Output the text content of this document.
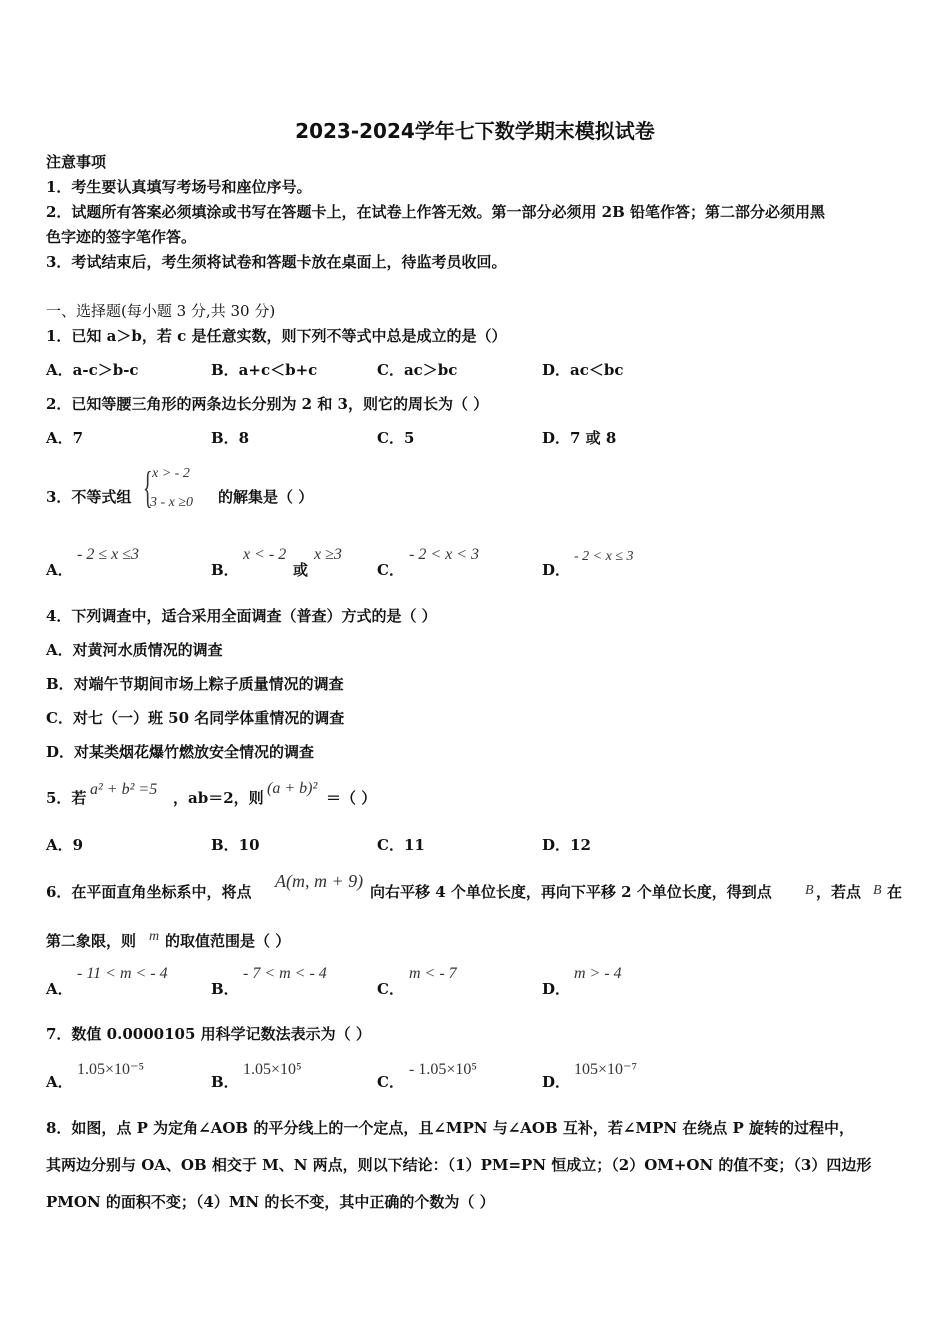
2023-2024学年七下数学期末模拟试卷
注意事项
1．考生要认真填写考场号和座位序号。
2．试题所有答案必须填涂或书写在答题卡上，在试卷上作答无效。第一部分必须用 2B 铅笔作答；第二部分必须用黑
色字迹的签字笔作答。
3．考试结束后，考生须将试卷和答题卡放在桌面上，待监考员收回。
一、选择题(每小题 3 分,共 30 分)
1．已知 a＞b，若 c 是任意实数，则下列不等式中总是成立的是（）
A．a-c＞b-c	B．a+c＜b+c	C．ac＞bc	D．ac＜bc
2．已知等腰三角形的两条边长分别为 2 和 3，则它的周长为（ ）
A．7	B．8	C．5	D．7 或 8
3．不等式组 { x > - 2
3 - x ≥0 的解集是（ ）
A．
- 2 ≤ x ≤3
B．
x < - 2
或
x ≥3
C．
- 2 < x < 3
D．
- 2 < x ≤ 3
4．下列调查中，适合采用全面调查（普查）方式的是（ ）
A．对黄河水质情况的调查
B．对端午节期间市场上粽子质量情况的调查
C．对七（一）班 50 名同学体重情况的调查
D．对某类烟花爆竹燃放安全情况的调查
5．若 a² + b² =5 ，ab＝2，则
(a + b)²
＝（ ）
A．9	B．10	C．11	D．12
6．在平面直角坐标系中，将点
A(m, m + 9)
向右平移 4 个单位长度，再向下平移 2 个单位长度，得到点 B ，若点 B 在
第二象限，则 m 的取值范围是（ ）
A．
- 11 < m < - 4
B．
- 7 < m < - 4
C．
m < - 7
D．
m > - 4
7．数值 0.0000105 用科学记数法表示为（ ）
A．
1.05×10⁻⁵
B．
1.05×10⁵
C．
- 1.05×10⁵
D．
105×10⁻⁷
8．如图，点 P 为定角∠AOB 的平分线上的一个定点，且∠MPN 与∠AOB 互补，若∠MPN 在绕点 P 旋转的过程中，
其两边分别与 OA、OB 相交于 M、N 两点，则以下结论：（1）PM=PN 恒成立；（2）OM+ON 的值不变；（3）四边形
PMON 的面积不变；（4）MN 的长不变，其中正确的个数为（ ）
